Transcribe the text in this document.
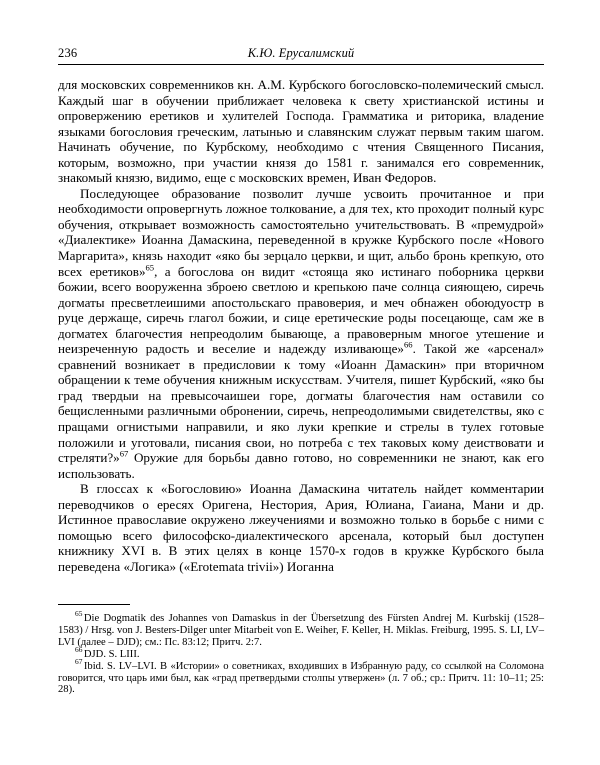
236	К.Ю. Ерусалимский

для московских современников кн. А.М. Курбского богословско-полемический смысл. Каждый шаг в обучении приближает человека к свету христианской истины и опровержению еретиков и хулителей Господа. Грамматика и риторика, владение языками богословия греческим, латынью и славянским служат первым таким шагом. Начинать обучение, по Курбскому, необходимо с чтения Священного Писания, которым, возможно, при участии князя до 1581 г. занимался его современник, знакомый князю, видимо, еще с московских времен, Иван Федоров.

Последующее образование позволит лучше усвоить прочитанное и при необходимости опровергнуть ложное толкование, а для тех, кто проходит полный курс обучения, открывает возможность самостоятельно учительствовать. В «премудрой» «Диалектике» Иоанна Дамаскина, переведенной в кружке Курбского после «Нового Маргарита», князь находит «яко бы зерцало церкви, и щит, альбо бронь крепкую, ото всех еретиков»$^{65}$, а богослова он видит «стояща яко истинаго поборника церкви божии, всего вооруженна зброею светлою и крепькою паче солнца сияющею, сиречь догматы пресветлеишими апостольскаго правоверия, и меч обнажен обоюдуостр в руце держаще, сиречь глагол божии, и сице еретические роды посецающе, сам же в догматех благочестия непреодолим бывающе, а правоверным многое утешение и неизреченную радость и веселие и надежду изливающе»$^{66}$. Такой же «арсенал» сравнений возникает в предисловии к тому «Иоанн Дамаскин» при вторичном обращении к теме обучения книжным искусствам. Учителя, пишет Курбский, «яко бы град твердыи на превысочаишеи горе, догматы благочестия нам оставили со бещисленными различными обронении, сиречь, непреодолимыми свидетелствы, яко с пращами огнистыми направили, и яко луки крепкие и стрелы в тулех готовые положили и уготовали, писания свои, но потреба с тех таковых кому деиствовати и стреляти?»$^{67}$ Оружие для борьбы давно готово, но современники не знают, как его использовать.

В глоссах к «Богословию» Иоанна Дамаскина читатель найдет комментарии переводчиков о ересях Оригена, Нестория, Ария, Юлиана, Гаиана, Мани и др. Истинное православие окружено лжеучениями и возможно только в борьбе с ними с помощью всего философско-диалектического арсенала, который был доступен книжнику XVI в. В этих целях в конце 1570-х годов в кружке Курбского была переведена «Логика» («Erotemata trivii») Иоганна

$^{65}$ Die Dogmatik des Johannes von Damaskus in der Übersetzung des Fürsten Andrej M. Kurbskij (1528–1583) / Hrsg. von J. Besters-Dilger unter Mitarbeit von E. Weiher, F. Keller, H. Miklas. Freiburg, 1995. S. LI, LV–LVI (далее – DJD); см.: Пс. 83:12; Притч. 2:7.

$^{66}$ DJD. S. LIII.

$^{67}$ Ibid. S. LV–LVI. В «Истории» о советниках, входивших в Избранную раду, со ссылкой на Соломона говорится, что царь ими был, как «град претвердыми столпы утвержен» (л. 7 об.; ср.: Притч. 11: 10–11; 25: 28).
